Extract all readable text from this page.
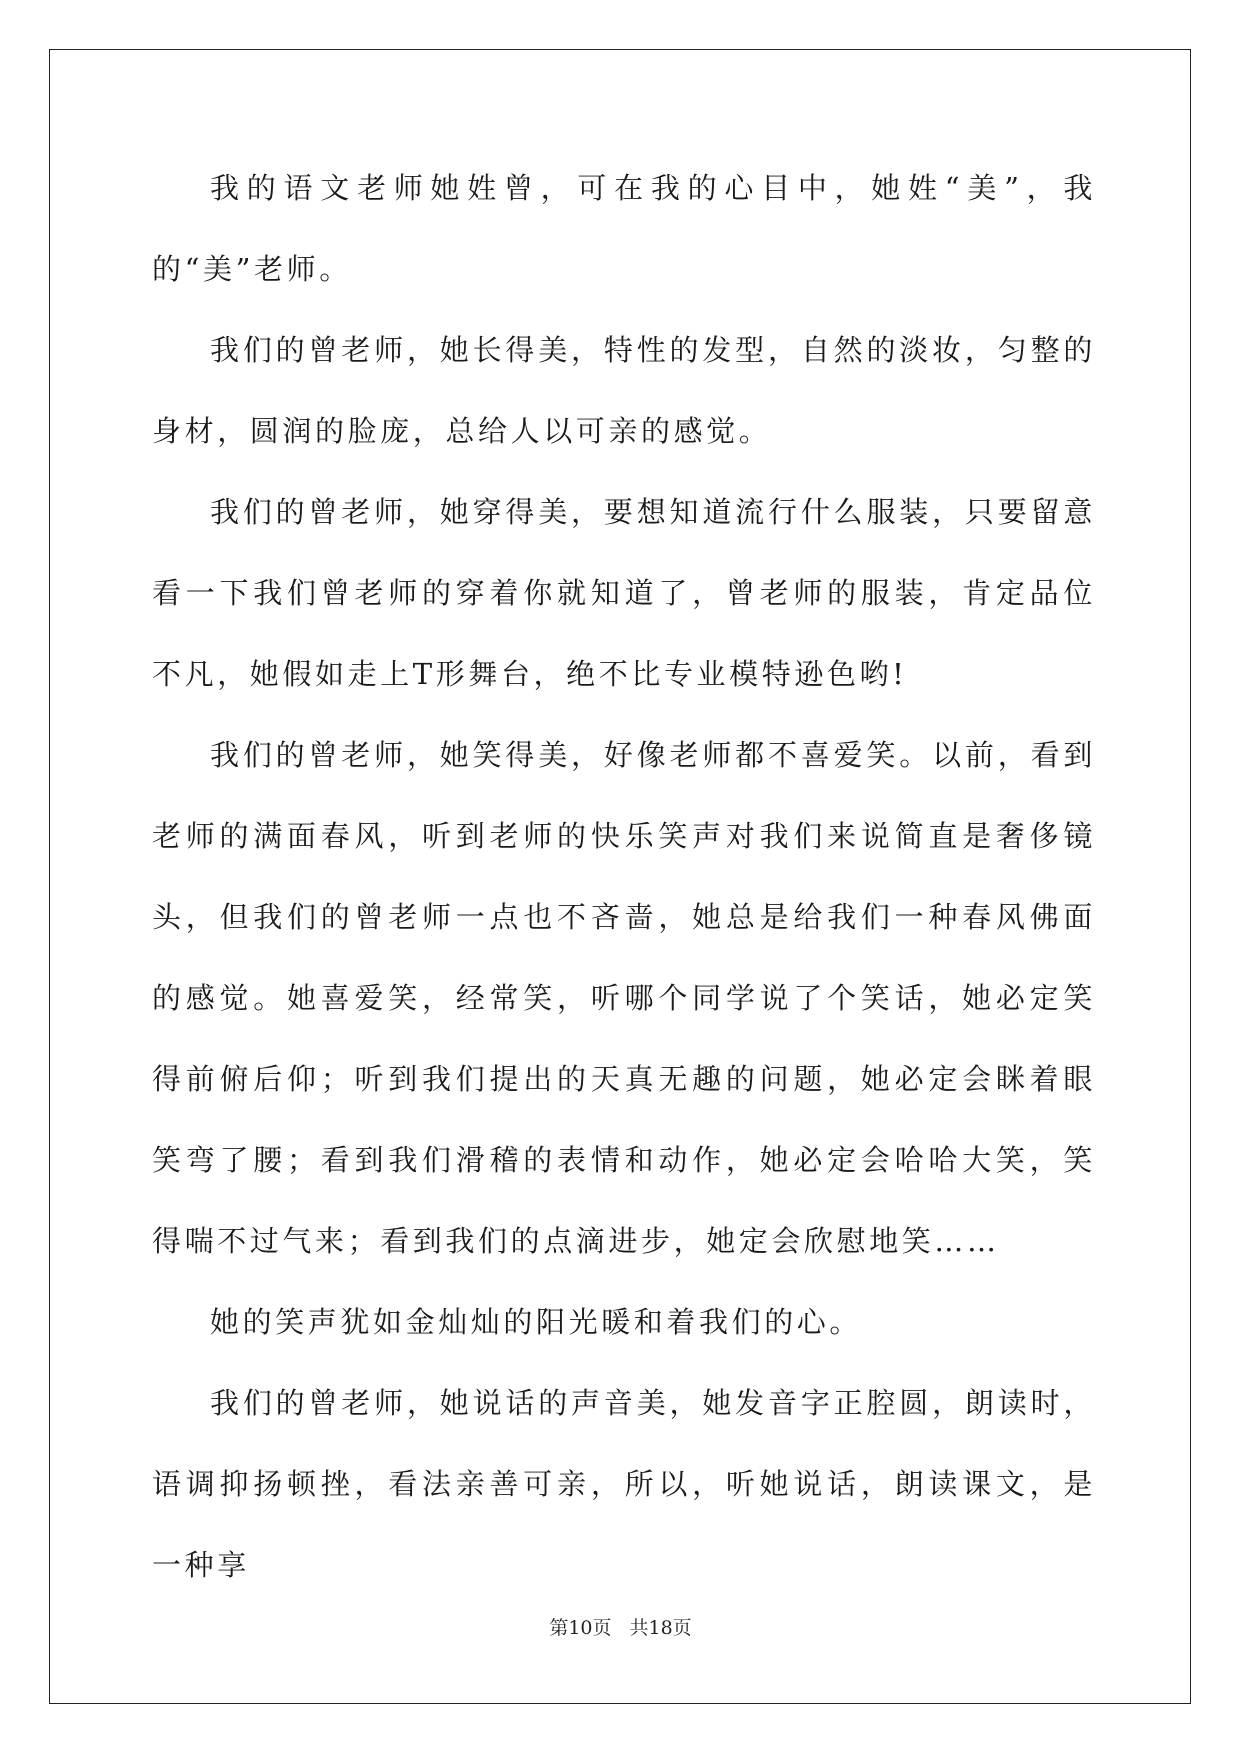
我的语文老师她姓曾，可在我的心目中，她姓“美”，我的“美”老师。

我们的曾老师，她长得美，特性的发型，自然的淡妆，匀整的身材，圆润的脸庞，总给人以可亲的感觉。

我们的曾老师，她穿得美，要想知道流行什么服装，只要留意看一下我们曾老师的穿着你就知道了，曾老师的服装，肯定品位不凡，她假如走上T形舞台，绝不比专业模特逊色哟!

我们的曾老师，她笑得美，好像老师都不喜爱笑。以前，看到老师的满面春风，听到老师的快乐笑声对我们来说简直是奢侈镜头，但我们的曾老师一点也不吝啬，她总是给我们一种春风佛面的感觉。她喜爱笑，经常笑，听哪个同学说了个笑话，她必定笑得前俯后仰；听到我们提出的天真无趣的问题，她必定会眯着眼笑弯了腰；看到我们滑稽的表情和动作，她必定会哈哈大笑，笑得喘不过气来；看到我们的点滴进步，她定会欣慰地笑……

她的笑声犹如金灿灿的阳光暖和着我们的心。

我们的曾老师，她说话的声音美，她发音字正腔圆，朗读时，语调抑扬顿挫，看法亲善可亲，所以，听她说话，朗读课文，是一种享

第10页 共18页
